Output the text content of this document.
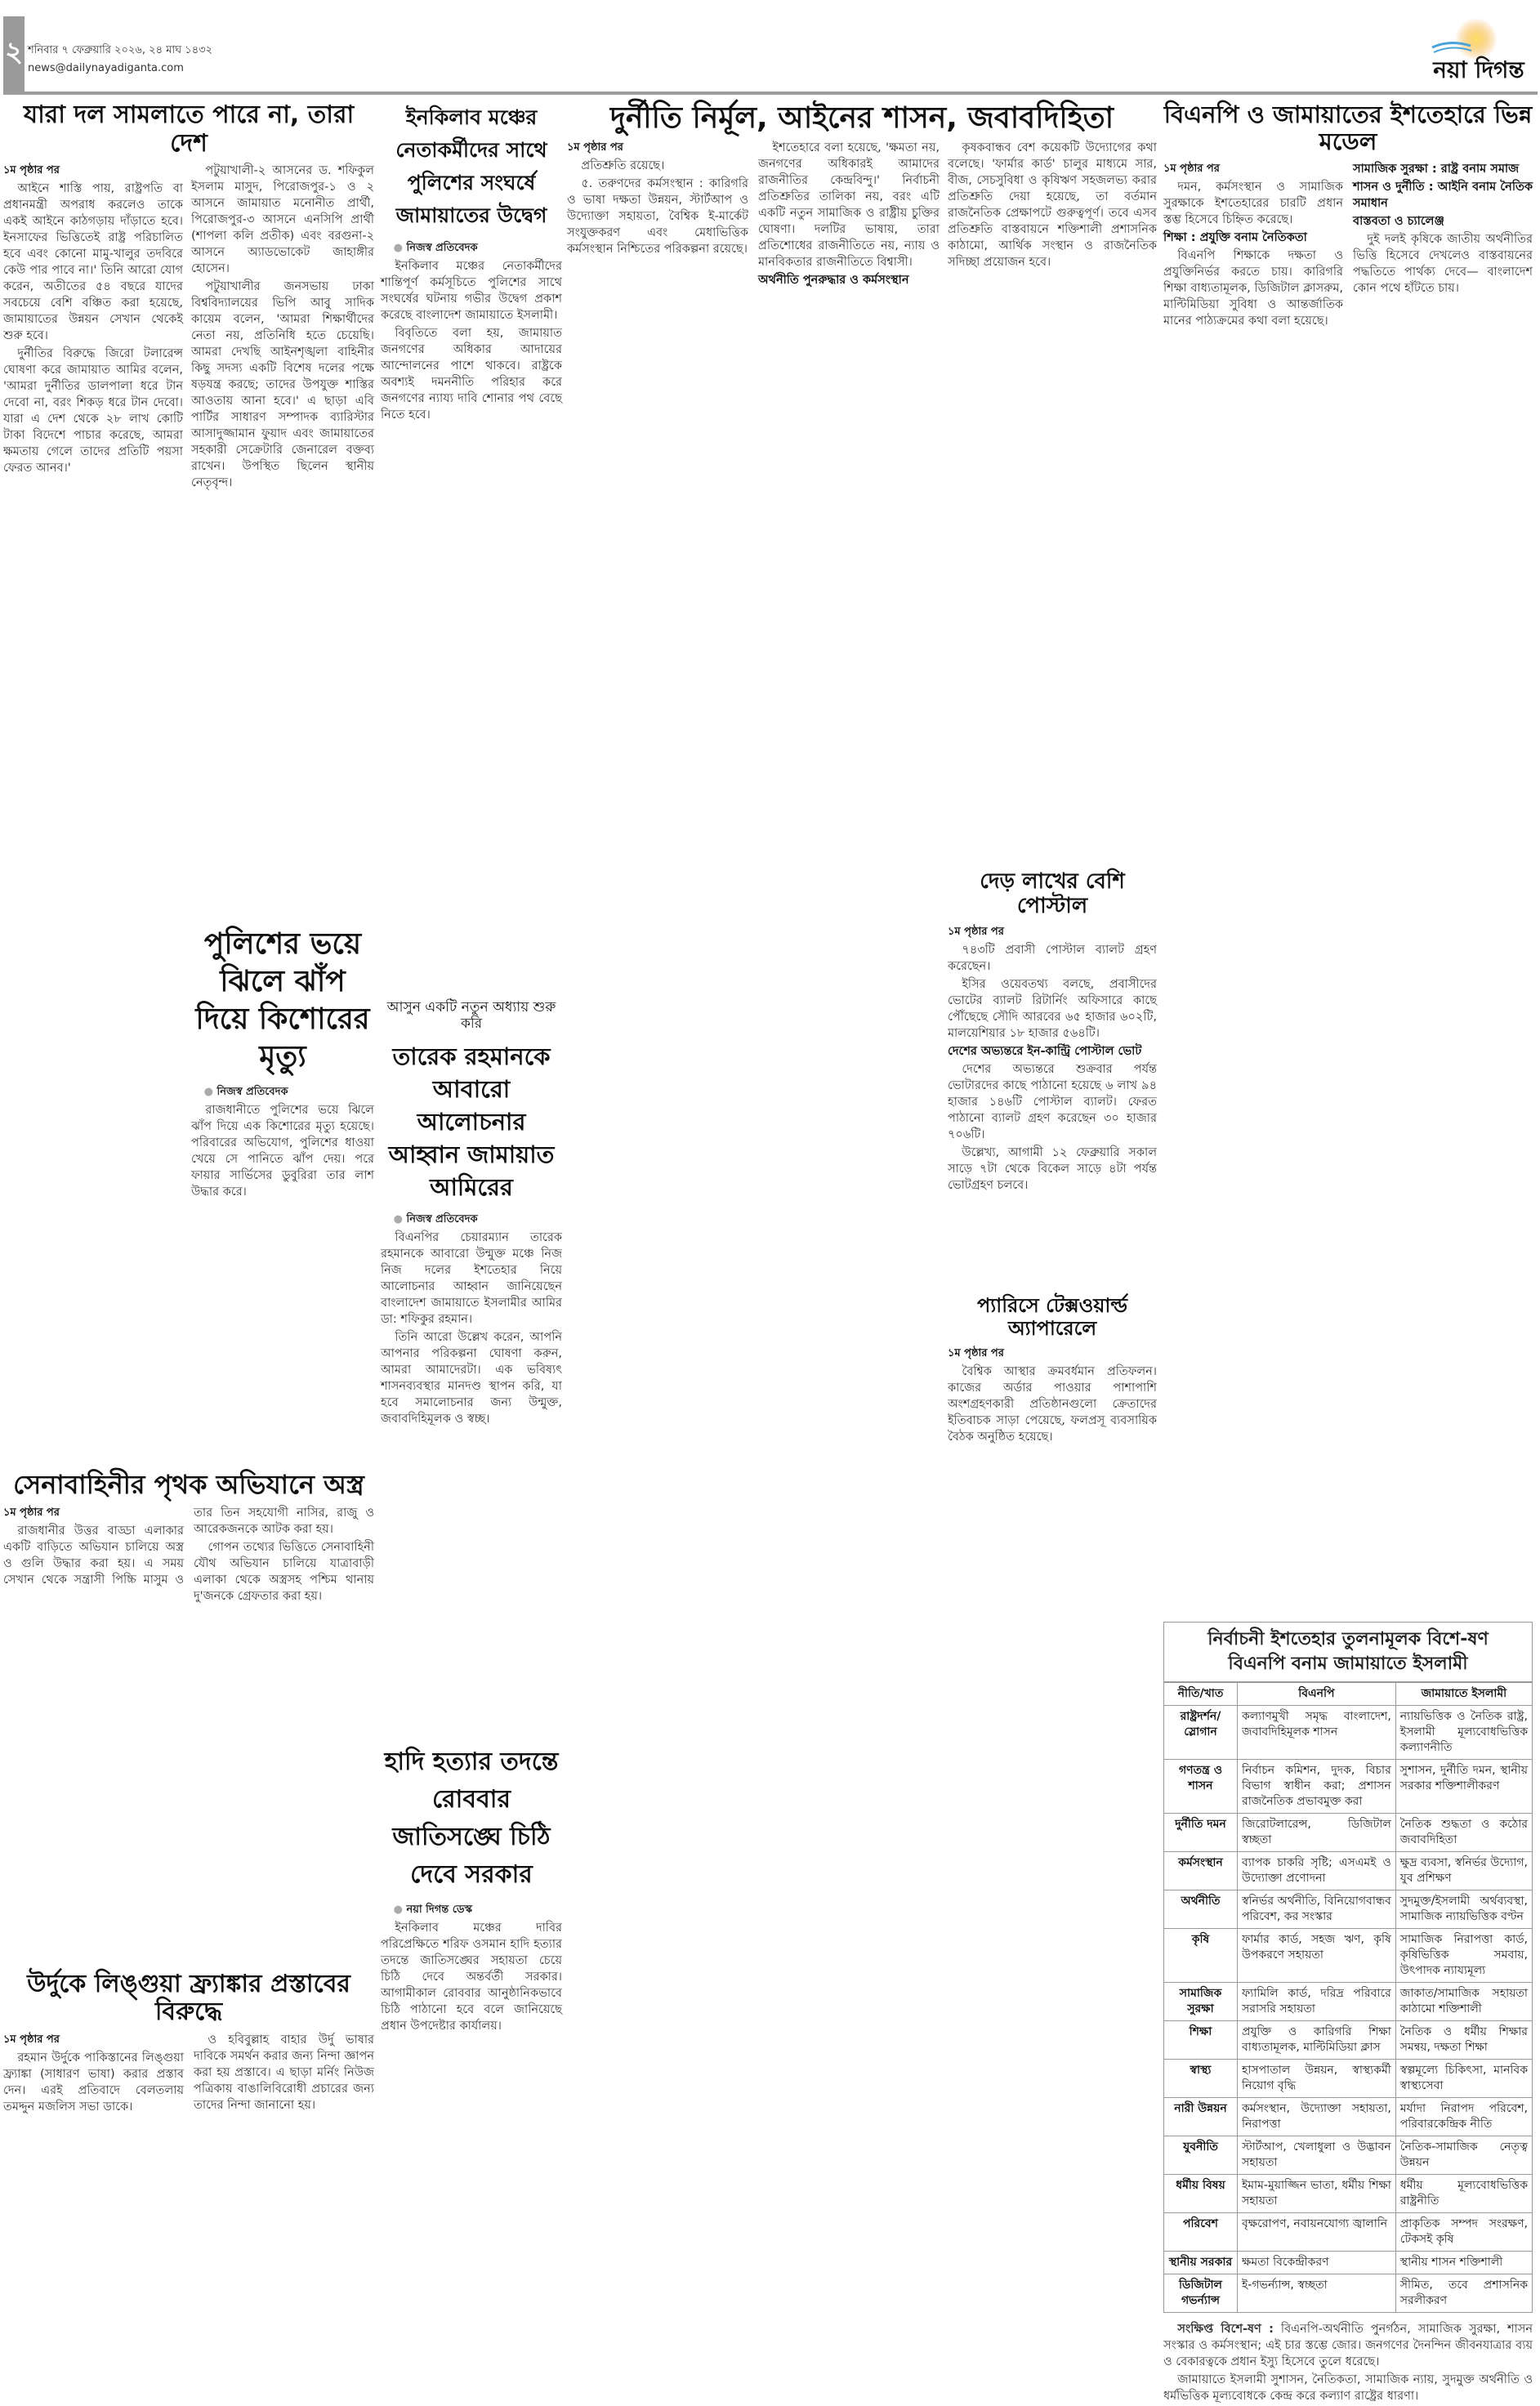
২ শনিবার ৭ ফেব্রুয়ারি ২০২৬, ২৪ মাঘ ১৪৩২
news@dailynayadiganta.com	নয়া দিগন্ত
যারা দল সামলাতে পারে না, তারা দেশ

১ম পৃষ্ঠার পর

আইনে শাস্তি পায়, রাষ্ট্রপতি বা প্রধানমন্ত্রী অপরাধ করলেও তাকে একই আইনে কাঠগড়ায় দাঁড়াতে হবে। ইনসাফের ভিত্তিতেই রাষ্ট্র পরিচালিত হবে এবং কোনো মামু-খালুর তদবিরে কেউ পার পাবে না।' তিনি আরো যোগ করেন, অতীতের ৫৪ বছরে যাদের সবচেয়ে বেশি বঞ্চিত করা হয়েছে, জামায়াতের উন্নয়ন সেখান থেকেই শুরু হবে।

দুর্নীতির বিরুদ্ধে জিরো টলারেন্স ঘোষণা করে জামায়াত আমির বলেন, 'আমরা দুর্নীতির ডালপালা ধরে টান দেবো না, বরং শিকড় ধরে টান দেবো। যারা এ দেশ থেকে ২৮ লাখ কোটি টাকা বিদেশে পাচার করেছে, আমরা ক্ষমতায় গেলে তাদের প্রতিটি পয়সা ফেরত আনব।'

পটুয়াখালী-২ আসনের ড. শফিকুল ইসলাম মাসুদ, পিরোজপুর-১ ও ২ আসনে জামায়াত মনোনীত প্রার্থী, পিরোজপুর-৩ আসনে এনসিপি প্রার্থী (শাপলা কলি প্রতীক) এবং বরগুনা-২ আসনে অ্যাডভোকেট জাহাঙ্গীর হোসেন।

পটুয়াখালীর জনসভায় ঢাকা বিশ্ববিদ্যালয়ের ভিপি আবু সাদিক কায়েম বলেন, 'আমরা শিক্ষার্থীদের নেতা নয়, প্রতিনিধি হতে চেয়েছি। আমরা দেখছি আইনশৃঙ্খলা বাহিনীর কিছু সদস্য একটি বিশেষ দলের পক্ষে ষড়যন্ত্র করছে; তাদের উপযুক্ত শাস্তির আওতায় আনা হবে।' এ ছাড়া এবি পার্টির সাধারণ সম্পাদক ব্যারিস্টার আসাদুজ্জামান ফুয়াদ এবং জামায়াতের সহকারী সেক্রেটারি জেনারেল বক্তব্য রাখেন। উপস্থিত ছিলেন স্থানীয় নেতৃবৃন্দ।

পুলিশের ভয়ে ঝিলে ঝাঁপ দিয়ে কিশোরের মৃত্যু

● নিজস্ব প্রতিবেদক

রাজধানীতে পুলিশের ভয়ে ঝিলে ঝাঁপ দিয়ে এক কিশোরের মৃত্যু হয়েছে। পরিবারের অভিযোগ, পুলিশের ধাওয়া খেয়ে সে পানিতে ঝাঁপ দেয়। পরে ফায়ার সার্ভিসের ডুবুরিরা তার লাশ উদ্ধার করে।

সেনাবাহিনীর পৃথক অভিযানে অস্ত্র

১ম পৃষ্ঠার পর

রাজধানীর উত্তর বাড্ডা এলাকার একটি বাড়িতে অভিযান চালিয়ে অস্ত্র ও গুলি উদ্ধার করা হয়। এ সময় সেখান থেকে সন্ত্রাসী পিচ্চি মাসুম ও তার তিন সহযোগী নাসির, রাজু ও আরেকজনকে আটক করা হয়।

গোপন তথ্যের ভিত্তিতে সেনাবাহিনী যৌথ অভিযান চালিয়ে যাত্রাবাড়ী এলাকা থেকে অস্ত্রসহ পশ্চিম থানায় দু'জনকে গ্রেফতার করা হয়।

উর্দুকে লিঙ্গুয়া ফ্র্যাঙ্কার প্রস্তাবের বিরুদ্ধে

১ম পৃষ্ঠার পর

রহমান উর্দুকে পাকিস্তানের লিঙ্গুয়া ফ্র্যাঙ্কা (সাধারণ ভাষা) করার প্রস্তাব দেন। এরই প্রতিবাদে বেলতলায় তমদ্দুন মজলিস সভা ডাকে।

ও হবিবুল্লাহ বাহার উর্দু ভাষার দাবিকে সমর্থন করার জন্য নিন্দা জ্ঞাপন করা হয় প্রস্তাবে। এ ছাড়া মর্নিং নিউজ পত্রিকায় বাঙালিবিরোধী প্রচারের জন্য তাদের নিন্দা জানানো হয়।

ইনকিলাব মঞ্চের নেতাকর্মীদের সাথে পুলিশের সংঘর্ষে জামায়াতের উদ্বেগ

● নিজস্ব প্রতিবেদক

ইনকিলাব মঞ্চের নেতাকর্মীদের শান্তিপূর্ণ কর্মসূচিতে পুলিশের সাথে সংঘর্ষের ঘটনায় গভীর উদ্বেগ প্রকাশ করেছে বাংলাদেশ জামায়াতে ইসলামী।

বিবৃতিতে বলা হয়, জামায়াত জনগণের অধিকার আদায়ের আন্দোলনের পাশে থাকবে। রাষ্ট্রকে অবশ্যই দমননীতি পরিহার করে জনগণের ন্যায্য দাবি শোনার পথ বেছে নিতে হবে।

আসুন একটি নতুন অধ্যায় শুরু করি
তারেক রহমানকে আবারো আলোচনার আহ্বান জামায়াত আমিরের

● নিজস্ব প্রতিবেদক

বিএনপির চেয়ারম্যান তারেক রহমানকে আবারো উন্মুক্ত মঞ্চে নিজ নিজ দলের ইশতেহার নিয়ে আলোচনার আহ্বান জানিয়েছেন বাংলাদেশ জামায়াতে ইসলামীর আমির ডা: শফিকুর রহমান।

তিনি আরো উল্লেখ করেন, আপনি আপনার পরিকল্পনা ঘোষণা করুন, আমরা আমাদেরটা। এক ভবিষ্যৎ শাসনব্যবস্থার মানদণ্ড স্থাপন করি, যা হবে সমালোচনার জন্য উন্মুক্ত, জবাবদিহিমূলক ও স্বচ্ছ।

হাদি হত্যার তদন্তে রোববার জাতিসঙ্ঘে চিঠি দেবে সরকার

● নয়া দিগন্ত ডেস্ক

ইনকিলাব মঞ্চের দাবির পরিপ্রেক্ষিতে শরিফ ওসমান হাদি হত্যার তদন্তে জাতিসঙ্ঘের সহায়তা চেয়ে চিঠি দেবে অন্তর্বর্তী সরকার। আগামীকাল রোববার আনুষ্ঠানিকভাবে চিঠি পাঠানো হবে বলে জানিয়েছে প্রধান উপদেষ্টার কার্যালয়।

দুর্নীতি নির্মূল, আইনের শাসন, জবাবদিহিতা

১ম পৃষ্ঠার পর

প্রতিশ্রুতি রয়েছে।

৫. তরুণদের কর্মসংস্থান : কারিগরি ও ভাষা দক্ষতা উন্নয়ন, স্টার্টআপ ও উদ্যোক্তা সহায়তা, বৈশ্বিক ই-মার্কেট সংযুক্তকরণ এবং মেধাভিত্তিক কর্মসংস্থান নিশ্চিতের পরিকল্পনা রয়েছে।

ইশতেহারে বলা হয়েছে, 'ক্ষমতা নয়, জনগণের অধিকারই আমাদের রাজনীতির কেন্দ্রবিন্দু।' নির্বাচনী প্রতিশ্রুতির তালিকা নয়, বরং এটি একটি নতুন সামাজিক ও রাষ্ট্রীয় চুক্তির ঘোষণা। দলটির ভাষায়, তারা প্রতিশোধের রাজনীতিতে নয়, ন্যায় ও মানবিকতার রাজনীতিতে বিশ্বাসী।

অর্থনীতি পুনরুদ্ধার ও কর্মসংস্থান

কৃষকবান্ধব বেশ কয়েকটি উদ্যোগের কথা বলেছে। 'ফার্মার কার্ড' চালুর মাধ্যমে সার, বীজ, সেচসুবিধা ও কৃষিঋণ সহজলভ্য করার প্রতিশ্রুতি দেয়া হয়েছে, তা বর্তমান রাজনৈতিক প্রেক্ষাপটে গুরুত্বপূর্ণ। তবে এসব প্রতিশ্রুতি বাস্তবায়নে শক্তিশালী প্রশাসনিক কাঠামো, আর্থিক সংস্থান ও রাজনৈতিক সদিচ্ছা প্রয়োজন হবে।

দেড় লাখের বেশি পোস্টাল

১ম পৃষ্ঠার পর

৭৪৩টি প্রবাসী পোস্টাল ব্যালট গ্রহণ করেছেন।

ইসির ওয়েবতথ্য বলছে, প্রবাসীদের ভোটের ব্যালট রিটার্নিং অফিসারে কাছে পৌঁছেছে সৌদি আরবের ৬৫ হাজার ৬০২টি, মালয়েশিয়ার ১৮ হাজার ৫৬৪টি।

দেশের অভ্যন্তরে ইন-কান্ট্রি পোস্টাল ভোট

দেশের অভ্যন্তরে শুক্রবার পর্যন্ত ভোটারদের কাছে পাঠানো হয়েছে ৬ লাখ ৯৪ হাজার ১৪৬টি পোস্টাল ব্যালট। ফেরত পাঠানো ব্যালট গ্রহণ করেছেন ৩০ হাজার ৭০৬টি।

উল্লেখ্য, আগামী ১২ ফেব্রুয়ারি সকাল সাড়ে ৭টা থেকে বিকেল সাড়ে ৪টা পর্যন্ত ভোটগ্রহণ চলবে।

প্যারিসে টেক্সওয়ার্ল্ড অ্যাপারেলে

১ম পৃষ্ঠার পর

বৈশ্বিক আস্থার ক্রমবর্ধমান প্রতিফলন। কাজের অর্ডার পাওয়ার পাশাপাশি অংশগ্রহণকারী প্রতিষ্ঠানগুলো ক্রেতাদের ইতিবাচক সাড়া পেয়েছে, ফলপ্রসূ ব্যবসায়িক বৈঠক অনুষ্ঠিত হয়েছে।

বিএনপি ও জামায়াতের ইশতেহারে ভিন্ন মডেল

১ম পৃষ্ঠার পর

দমন, কর্মসংস্থান ও সামাজিক সুরক্ষাকে ইশতেহারের চারটি প্রধান স্তম্ভ হিসেবে চিহ্নিত করেছে।

শিক্ষা : প্রযুক্তি বনাম নৈতিকতা

বিএনপি শিক্ষাকে দক্ষতা ও প্রযুক্তিনির্ভর করতে চায়। কারিগরি শিক্ষা বাধ্যতামূলক, ডিজিটাল ক্লাসরুম, মাল্টিমিডিয়া সুবিধা ও আন্তর্জাতিক মানের পাঠ্যক্রমের কথা বলা হয়েছে।

সামাজিক সুরক্ষা : রাষ্ট্র বনাম সমাজ

শাসন ও দুর্নীতি : আইনি বনাম নৈতিক সমাধান

বাস্তবতা ও চ্যালেঞ্জ

দুই দলই কৃষিকে জাতীয় অর্থনীতির ভিত্তি হিসেবে দেখলেও বাস্তবায়নের পদ্ধতিতে পার্থক্য দেবে— বাংলাদেশ কোন পথে হাঁটতে চায়।

নির্বাচনী ইশতেহার তুলনামূলক বিশে-ষণ
বিএনপি বনাম জামায়াতে ইসলামী
নীতি/খাত	বিএনপি	জামায়াতে ইসলামী
রাষ্ট্রদর্শন/ স্লোগান	কল্যাণমুখী সমৃদ্ধ বাংলাদেশ, জবাবদিহিমূলক শাসন	ন্যায়ভিত্তিক ও নৈতিক রাষ্ট্র, ইসলামী মূল্যবোধভিত্তিক কল্যাণনীতি
গণতন্ত্র ও শাসন	নির্বাচন কমিশন, দুদক, বিচার বিভাগ স্বাধীন করা; প্রশাসন রাজনৈতিক প্রভাবমুক্ত করা	সুশাসন, দুর্নীতি দমন, স্থানীয় সরকার শক্তিশালীকরণ
দুর্নীতি দমন	জিরোটলারেন্স, ডিজিটাল স্বচ্ছতা	নৈতিক শুদ্ধতা ও কঠোর জবাবদিহিতা
কর্মসংস্থান	ব্যাপক চাকরি সৃষ্টি; এসএমই ও উদ্যোক্তা প্রণোদনা	ক্ষুদ্র ব্যবসা, স্বনির্ভর উদ্যোগ, যুব প্রশিক্ষণ
অর্থনীতি	স্বনির্ভর অর্থনীতি, বিনিয়োগবান্ধব পরিবেশ, কর সংস্কার	সুদমুক্ত/ইসলামী অর্থব্যবস্থা, সামাজিক ন্যায়ভিত্তিক বণ্টন
কৃষি	ফার্মার কার্ড, সহজ ঋণ, কৃষি উপকরণে সহায়তা	সামাজিক নিরাপত্তা কার্ড, কৃষিভিত্তিক সমবায়, উৎপাদক ন্যায্যমূল্য
সামাজিক সুরক্ষা	ফ্যামিলি কার্ড, দরিদ্র পরিবারে সরাসরি সহায়তা	জাকাত/সামাজিক সহায়তা কাঠামো শক্তিশালী
শিক্ষা	প্রযুক্তি ও কারিগরি শিক্ষা বাধ্যতামূলক, মাল্টিমিডিয়া ক্লাস	নৈতিক ও ধর্মীয় শিক্ষার সমন্বয়, দক্ষতা শিক্ষা
স্বাস্থ্য	হাসপাতাল উন্নয়ন, স্বাস্থ্যকর্মী নিয়োগ বৃদ্ধি	স্বল্পমূল্যে চিকিৎসা, মানবিক স্বাস্থ্যসেবা
নারী উন্নয়ন	কর্মসংস্থান, উদ্যোক্তা সহায়তা, নিরাপত্তা	মর্যাদা নিরাপদ পরিবেশ, পরিবারকেন্দ্রিক নীতি
যুবনীতি	স্টার্টআপ, খেলাধুলা ও উদ্ভাবন সহায়তা	নৈতিক-সামাজিক নেতৃত্ব উন্নয়ন
ধর্মীয় বিষয়	ইমাম-মুয়াজ্জিন ভাতা, ধর্মীয় শিক্ষা সহায়তা	ধর্মীয় মূল্যবোধভিত্তিক রাষ্ট্রনীতি
পরিবেশ	বৃক্ষরোপণ, নবায়নযোগ্য জ্বালানি	প্রাকৃতিক সম্পদ সংরক্ষণ, টেকসই কৃষি
স্থানীয় সরকার	ক্ষমতা বিকেন্দ্রীকরণ	স্থানীয় শাসন শক্তিশালী
ডিজিটাল গভর্ন্যান্স	ই-গভর্ন্যান্স, স্বচ্ছতা	সীমিত, তবে প্রশাসনিক সরলীকরণ

সংক্ষিপ্ত বিশে-ষণ : বিএনপি-অর্থনীতি পুনর্গঠন, সামাজিক সুরক্ষা, শাসন সংস্কার ও কর্মসংস্থান; এই চার স্তম্ভে জোর। জনগণের দৈনন্দিন জীবনযাত্রার ব্যয় ও বেকারত্বকে প্রধান ইস্যু হিসেবে তুলে ধরেছে।

জামায়াতে ইসলামী সুশাসন, নৈতিকতা, সামাজিক ন্যায়, সুদমুক্ত অর্থনীতি ও ধর্মভিত্তিক মূল্যবোধকে কেন্দ্র করে কল্যাণ রাষ্ট্রের ধারণা।
